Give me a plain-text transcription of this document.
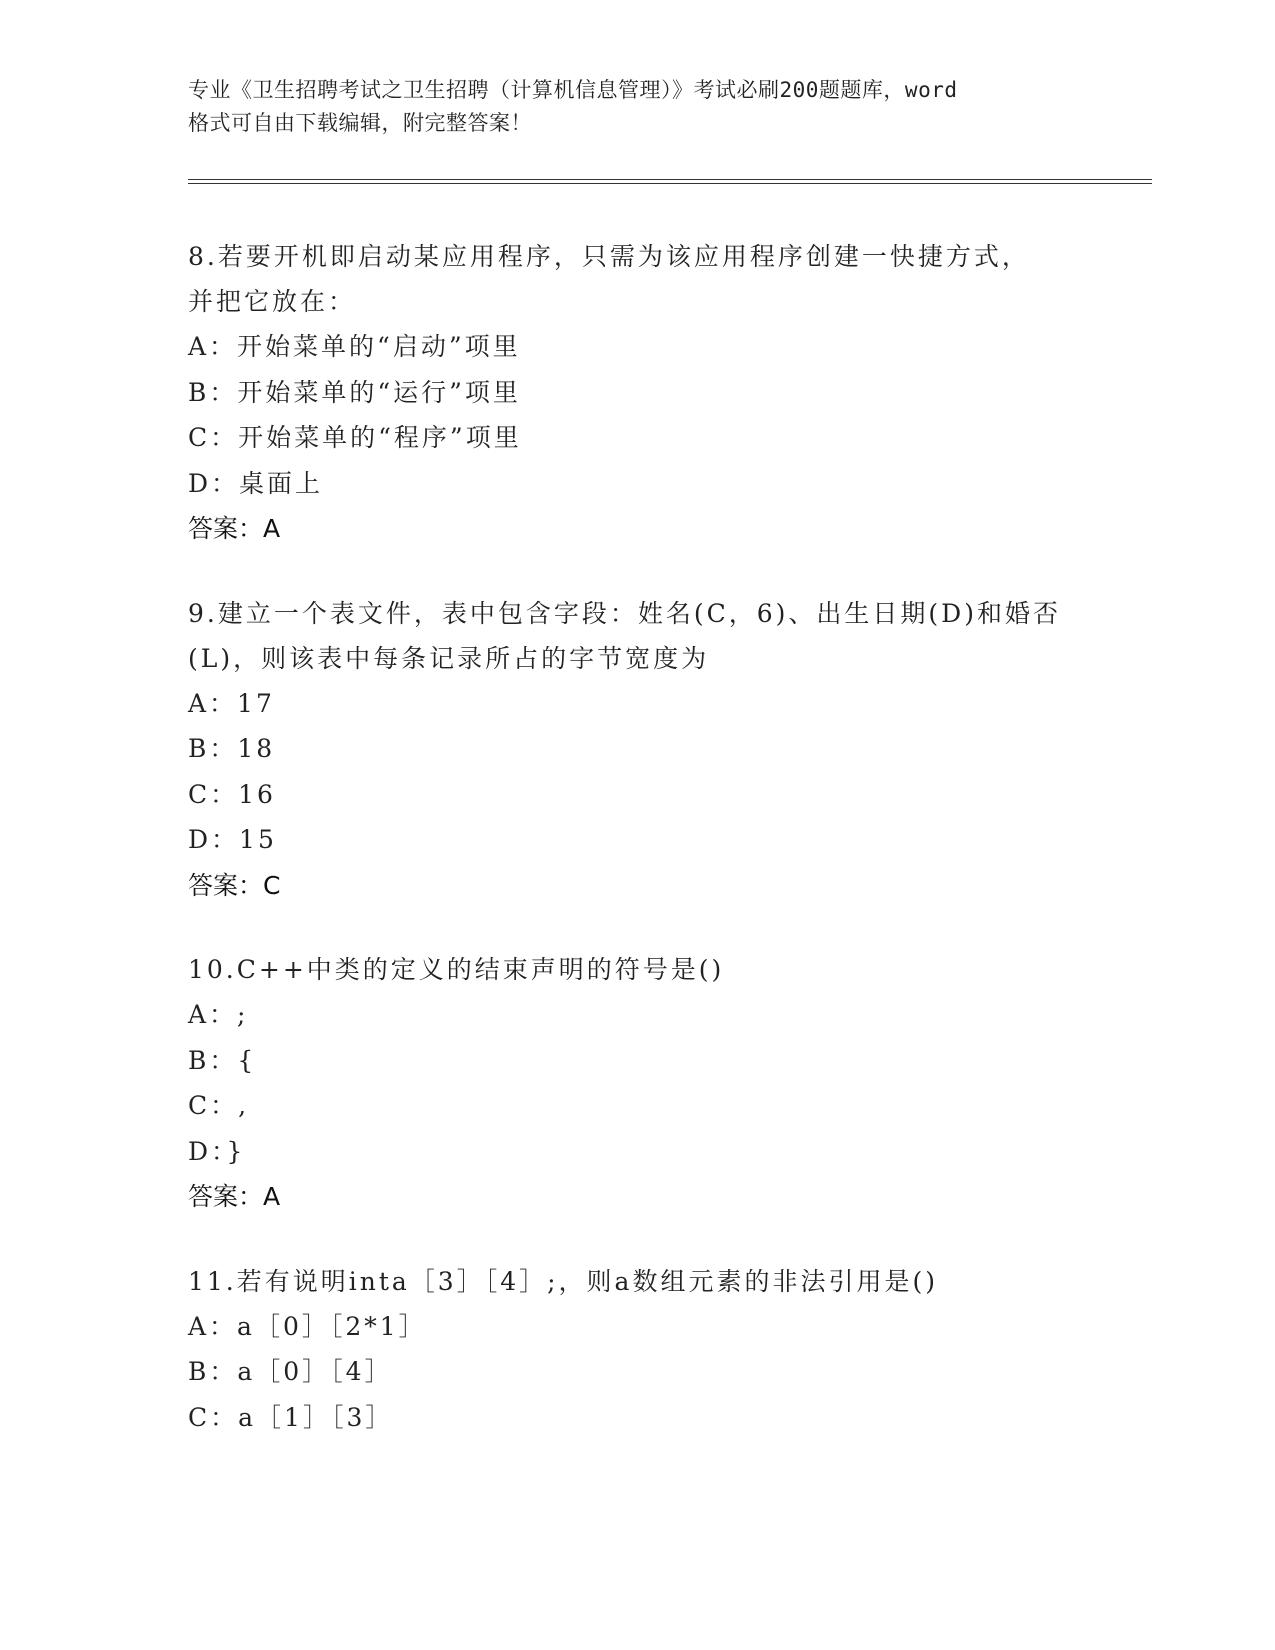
专业《卫生招聘考试之卫生招聘（计算机信息管理）》考试必刷200题题库，word
格式可自由下载编辑，附完整答案！
8.若要开机即启动某应用程序，只需为该应用程序创建一快捷方式，
并把它放在：
A：开始菜单的“启动”项里
B：开始菜单的“运行”项里
C：开始菜单的“程序”项里
D：桌面上
答案：A
9.建立一个表文件，表中包含字段：姓名(C，6)、出生日期(D)和婚否
(L)，则该表中每条记录所占的字节宽度为
A：17
B：18
C：16
D：15
答案：C
10.C++中类的定义的结束声明的符号是()
A：;
B：{
C：,
D：}
答案：A
11.若有说明inta［3］［4］;，则a数组元素的非法引用是()
A：a［0］［2*1］
B：a［0］［4］
C：a［1］［3］
